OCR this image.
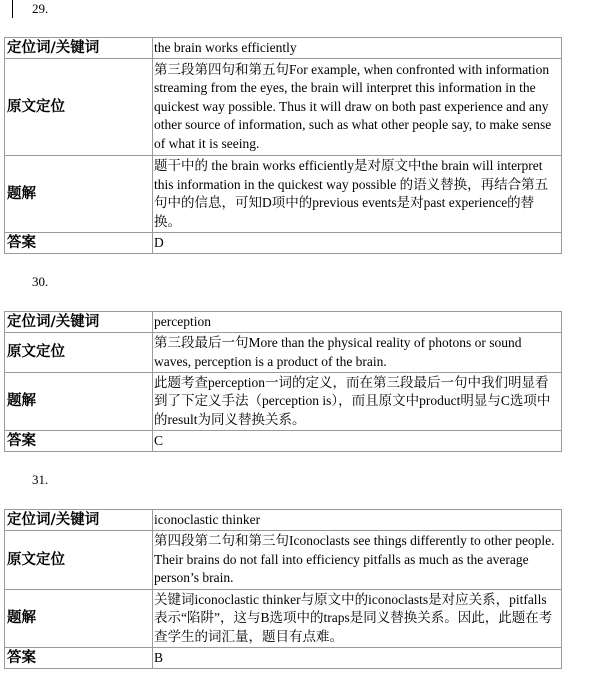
29.
定位词/关键词	the brain works efficiently
原文定位	第三段第四句和第五句For example, when confronted with information streaming from the eyes, the brain will interpret this information in the quickest way possible. Thus it will draw on both past experience and any other source of information, such as what other people say, to make sense of what it is seeing.
题解	题干中的 the brain works efficiently是对原文中the brain will interpret this information in the quickest way possible 的语义替换，再结合第五句中的信息，可知D项中的previous events是对past experience的替换。
答案	D
30.
定位词/关键词	perception
原文定位	第三段最后一句More than the physical reality of photons or sound waves, perception is a product of the brain.
题解	此题考查perception一词的定义，而在第三段最后一句中我们明显看到了下定义手法（perception is），而且原文中product明显与C选项中的result为同义替换关系。
答案	C
31.
定位词/关键词	iconoclastic thinker
原文定位	第四段第二句和第三句Iconoclasts see things differently to other people. Their brains do not fall into efficiency pitfalls as much as the average person’s brain.
题解	关键词iconoclastic thinker与原文中的iconoclasts是对应关系，pitfalls表示“陷阱”，这与B选项中的traps是同义替换关系。因此，此题在考查学生的词汇量，题目有点难。
答案	B
